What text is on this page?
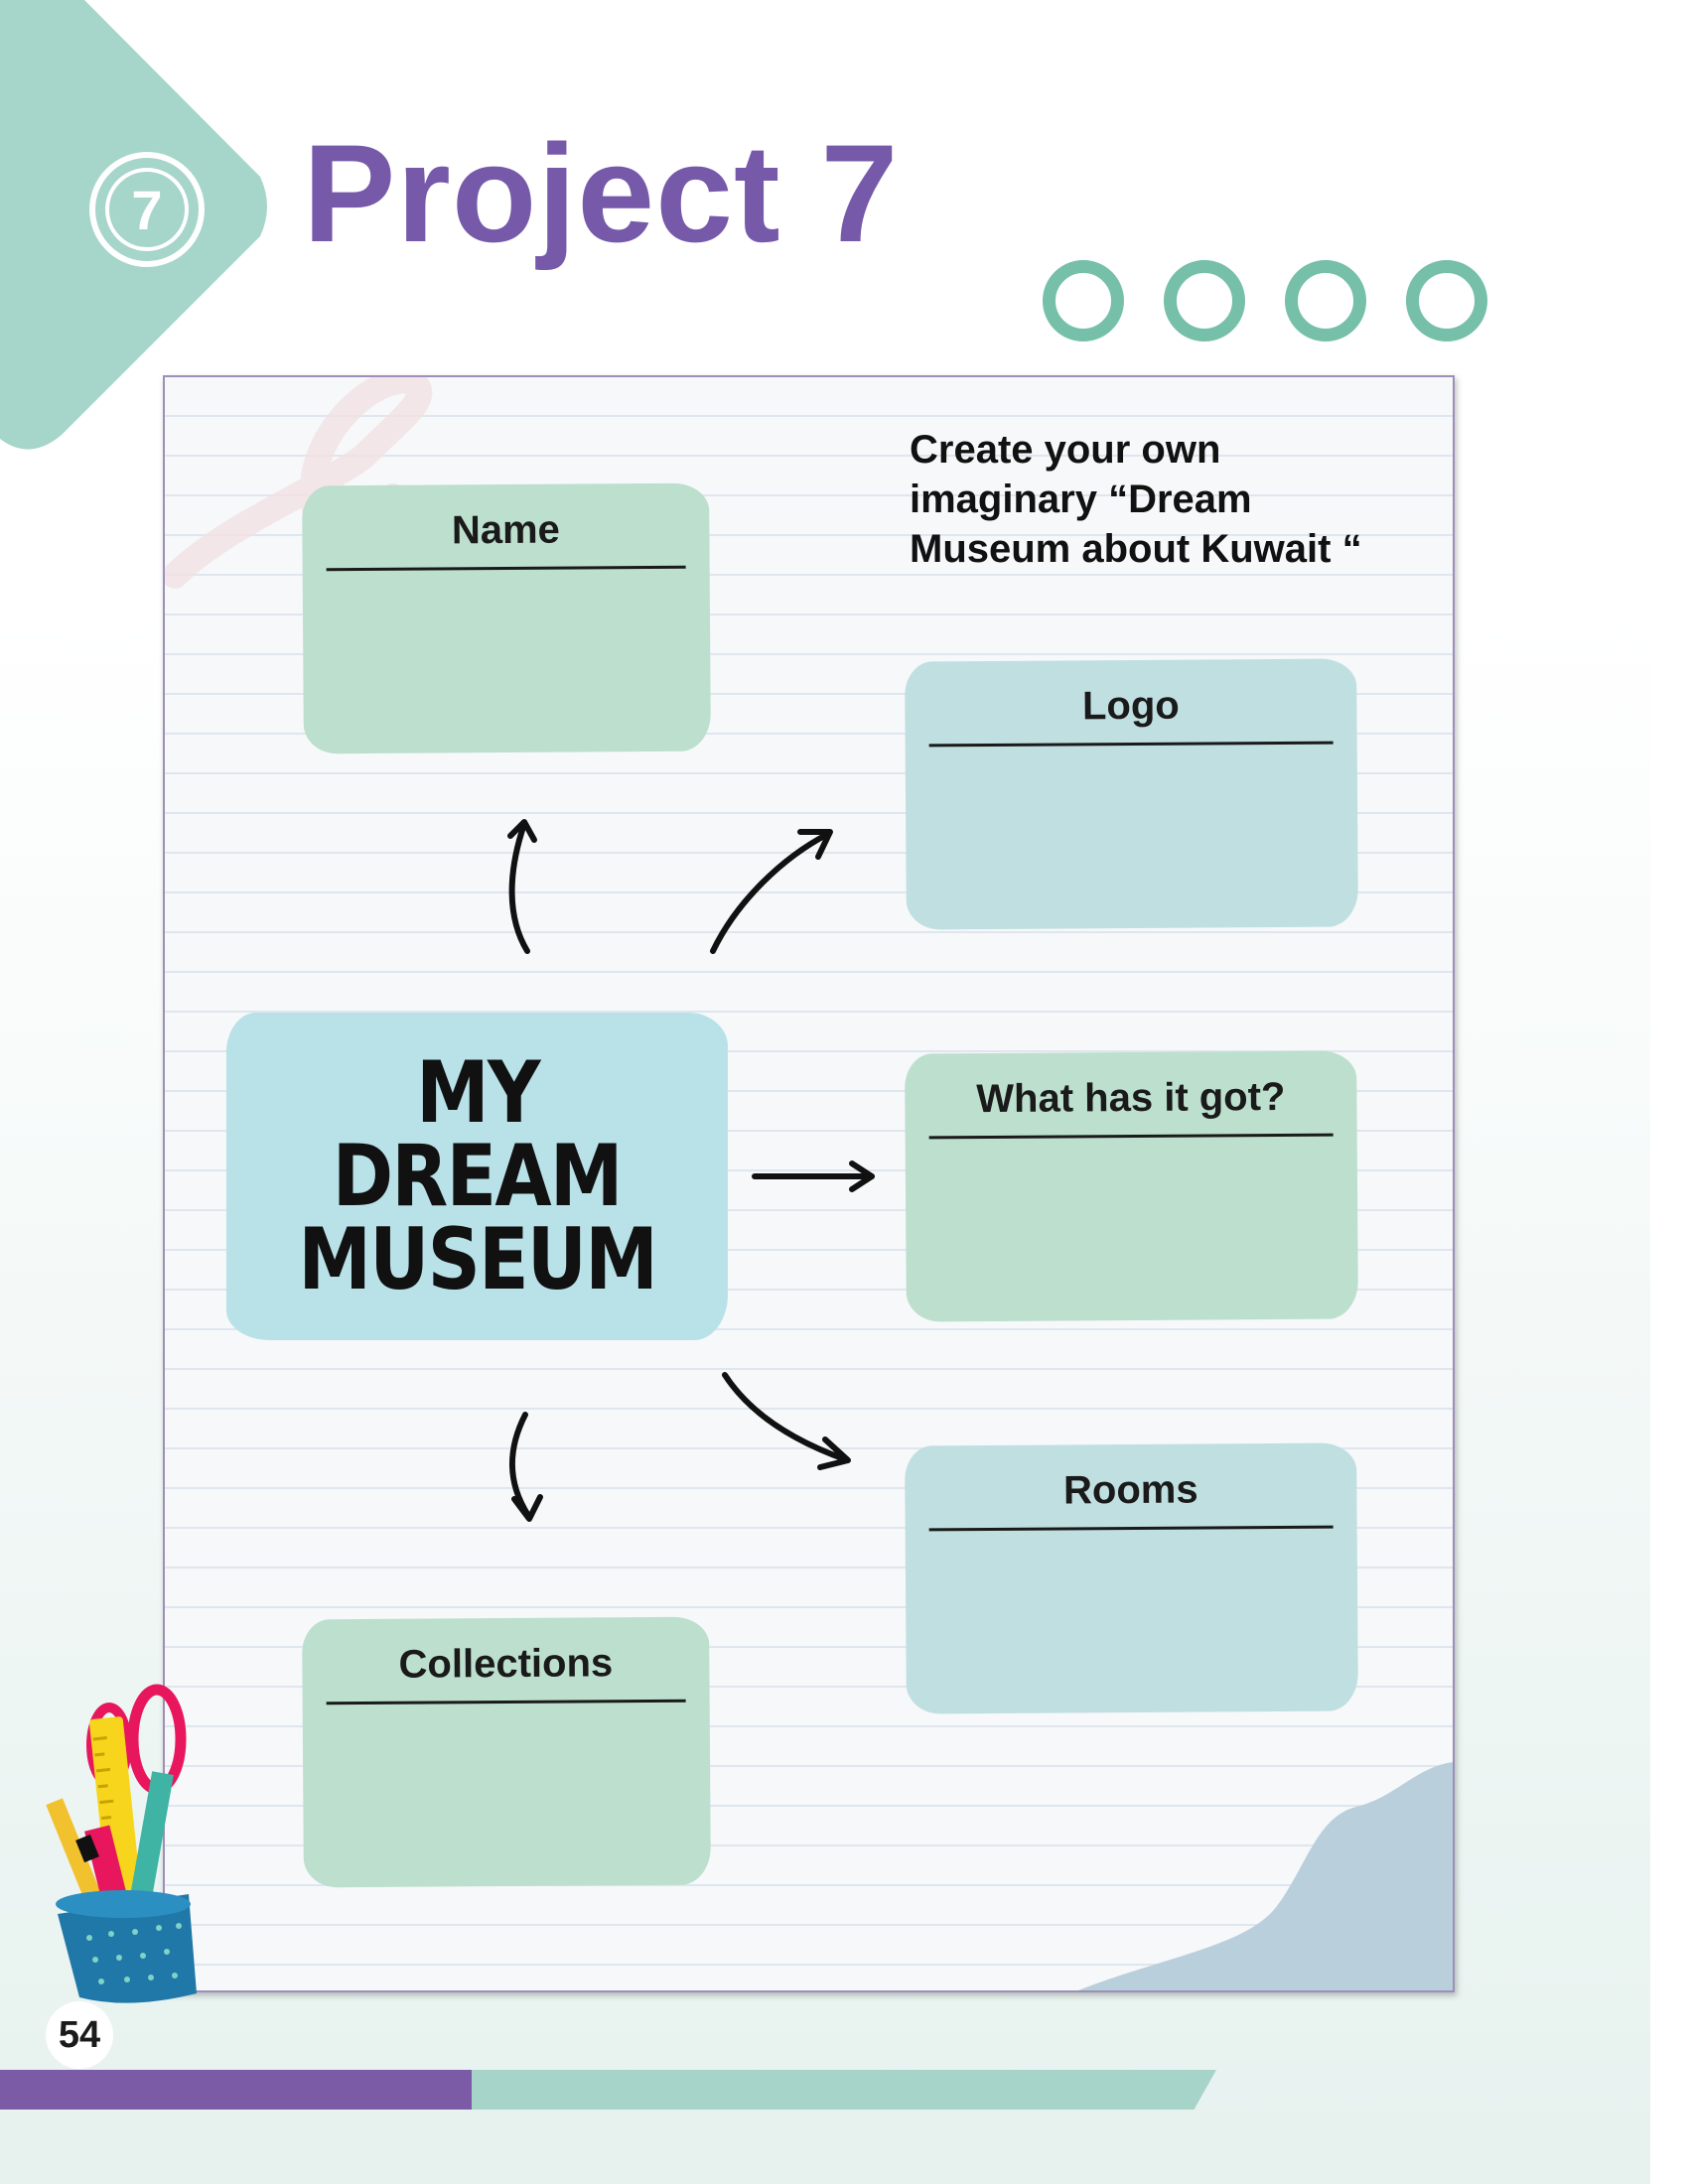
7 Project 7

Create your own
imaginary “Dream
Museum about Kuwait “

Name
Logo
What has it got?
Rooms
Collections
MY
DREAM
MUSEUM
54
